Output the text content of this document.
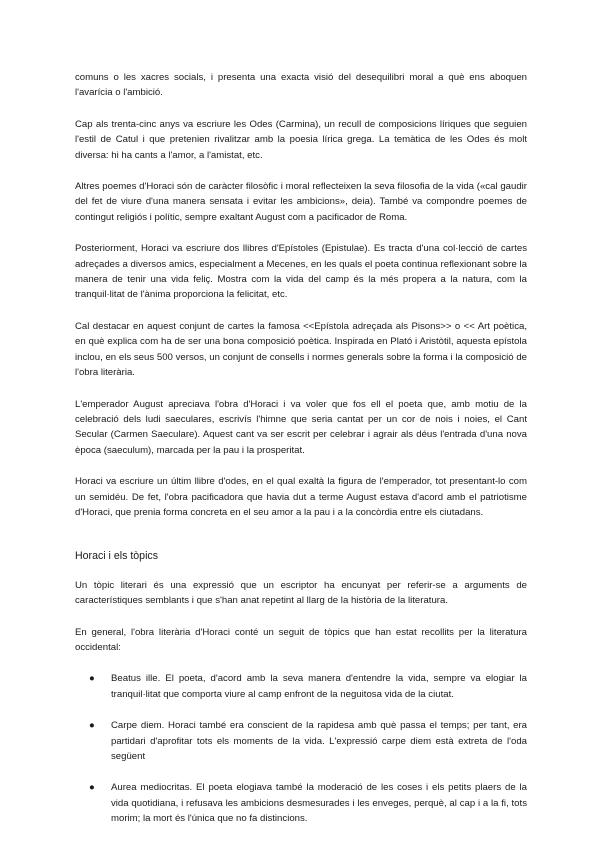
comuns o les xacres socials, i presenta una exacta visió del desequilibri moral a què ens aboquen l'avarícia o l'ambició.

Cap als trenta-cinc anys va escriure les Odes (Carmina), un recull de composicions líriques que seguien l'estil de Catul i que pretenien rivalitzar amb la poesia lírica grega. La temàtica de les Odes és molt diversa: hi ha cants a l'amor, a l'amistat, etc.

Altres poemes d'Horaci són de caràcter filosòfic i moral reflecteixen la seva filosofia de la vida («cal gaudir del fet de viure d'una manera sensata i evitar les ambicions», deia). També va compondre poemes de contingut religiós i polític, sempre exaltant August com a pacificador de Roma.

Posteriorment, Horaci va escriure dos llibres d'Epístoles (Epistulae). Es tracta d'una col·lecció de cartes adreçades a diversos amics, especialment a Mecenes, en les quals el poeta continua reflexionant sobre la manera de tenir una vida feliç. Mostra com la vida del camp és la més propera a la natura, com la tranquil·litat de l'ànima proporciona la felicitat, etc.

Cal destacar en aquest conjunt de cartes la famosa <<Epístola adreçada als Pisons>> o << Art poètica, en què explica com ha de ser una bona composició poètica. Inspirada en Plató i Aristòtil, aquesta epístola inclou, en els seus 500 versos, un conjunt de consells i normes generals sobre la forma i la composició de l'obra literària.

L'emperador August apreciava l'obra d'Horaci i va voler que fos ell el poeta que, amb motiu de la celebració dels ludi saeculares, escrivís l'himne que seria cantat per un cor de nois i noies, el Cant Secular (Carmen Saeculare). Aquest cant va ser escrit per celebrar i agrair als déus l'entrada d'una nova època (saeculum), marcada per la pau i la prosperitat.

Horaci va escriure un últim llibre d'odes, en el qual exaltà la figura de l'emperador, tot presentant-lo com un semidéu. De fet, l'obra pacificadora que havia dut a terme August estava d'acord amb el patriotisme d'Horaci, que prenia forma concreta en el seu amor a la pau i a la concòrdia entre els ciutadans.

Horaci i els tòpics

Un tòpic literari és una expressió que un escriptor ha encunyat per referir-se a arguments de característiques semblants i que s'han anat repetint al llarg de la història de la literatura.

En general, l'obra literària d'Horaci conté un seguit de tòpics que han estat recollits per la literatura occidental:

● Beatus ille. El poeta, d'acord amb la seva manera d'entendre la vida, sempre va elogiar la tranquil·litat que comporta viure al camp enfront de la neguitosa vida de la ciutat.
● Carpe diem. Horaci també era conscient de la rapidesa amb què passa el temps; per tant, era partidari d'aprofitar tots els moments de la vida. L'expressió carpe diem està extreta de l'oda següent
● Aurea mediocritas. El poeta elogiava també la moderació de les coses i els petits plaers de la vida quotidiana, i refusava les ambicions desmesurades i les enveges, perquè, al cap i a la fi, tots morim; la mort és l'única que no fa distincions.
